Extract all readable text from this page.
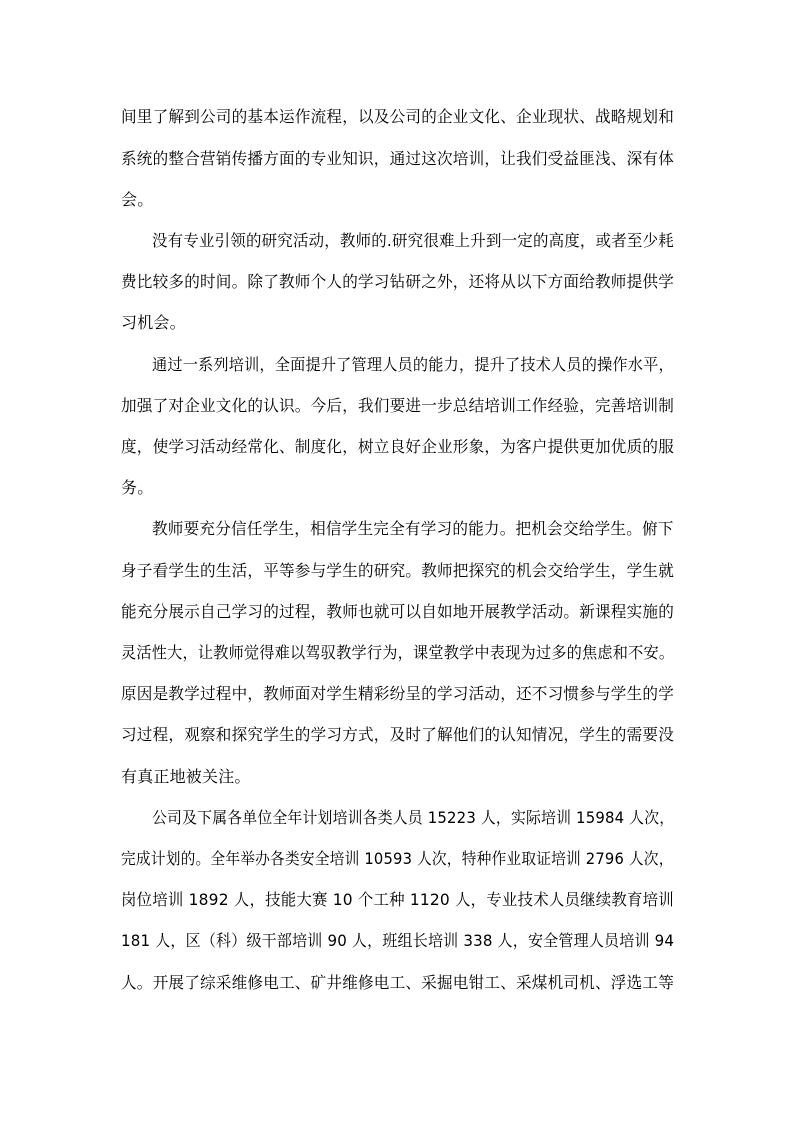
间里了解到公司的基本运作流程，以及公司的企业文化、企业现状、战略规划和
系统的整合营销传播方面的专业知识，通过这次培训，让我们受益匪浅、深有体
会。
没有专业引领的研究活动，教师的.研究很难上升到一定的高度，或者至少耗
费比较多的时间。除了教师个人的学习钻研之外，还将从以下方面给教师提供学
习机会。
通过一系列培训，全面提升了管理人员的能力，提升了技术人员的操作水平，
加强了对企业文化的认识。今后，我们要进一步总结培训工作经验，完善培训制
度，使学习活动经常化、制度化，树立良好企业形象，为客户提供更加优质的服
务。
教师要充分信任学生，相信学生完全有学习的能力。把机会交给学生。俯下
身子看学生的生活，平等参与学生的研究。教师把探究的机会交给学生，学生就
能充分展示自己学习的过程，教师也就可以自如地开展教学活动。新课程实施的
灵活性大，让教师觉得难以驾驭教学行为，课堂教学中表现为过多的焦虑和不安。
原因是教学过程中，教师面对学生精彩纷呈的学习活动，还不习惯参与学生的学
习过程，观察和探究学生的学习方式，及时了解他们的认知情况，学生的需要没
有真正地被关注。
公司及下属各单位全年计划培训各类人员 15223 人，实际培训 15984 人次，
完成计划的。全年举办各类安全培训 10593 人次，特种作业取证培训 2796 人次，
岗位培训 1892 人，技能大赛 10 个工种 1120 人，专业技术人员继续教育培训
181 人，区（科）级干部培训 90 人，班组长培训 338 人，安全管理人员培训 94
人。开展了综采维修电工、矿井维修电工、采掘电钳工、采煤机司机、浮选工等
